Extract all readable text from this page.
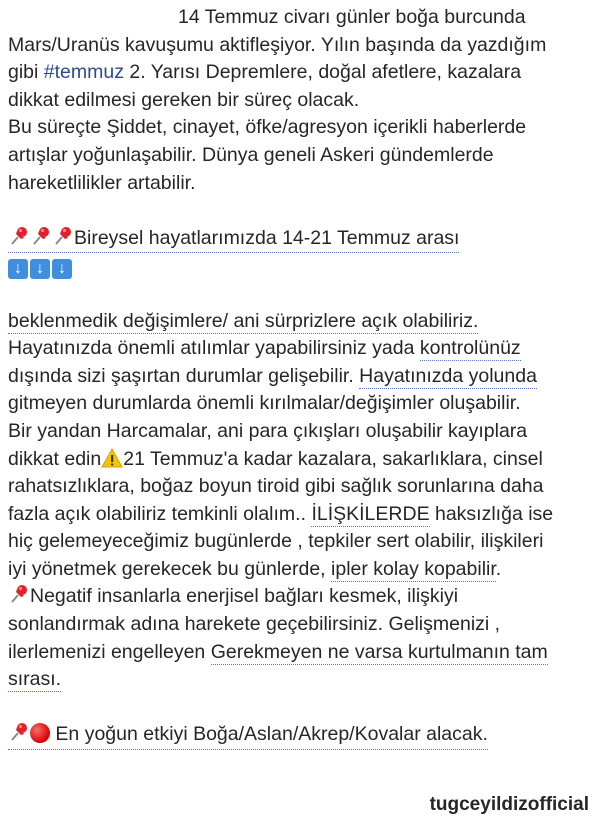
14 Temmuz civarı günler boğa burcunda
Mars/Uranüs kavuşumu aktifleşiyor. Yılın başında da yazdığım
gibi #temmuz 2. Yarısı Depremlere, doğal afetlere, kazalara
dikkat edilmesi gereken bir süreç olacak.
Bu süreçte Şiddet, cinayet, öfke/agresyon içerikli haberlerde
artışlar yoğunlaşabilir. Dünya geneli Askeri gündemlerde
hareketlilikler artabilir.
Bireysel hayatlarımızda 14-21 Temmuz arası
↓ ↓ ↓
beklenmedik değişimlere/ ani sürprizlere açık olabiliriz.
Hayatınızda önemli atılımlar yapabilirsiniz yada kontrolünüz
dışında sizi şaşırtan durumlar gelişebilir. Hayatınızda yolunda
gitmeyen durumlarda önemli kırılmalar/değişimler oluşabilir.
Bir yandan Harcamalar, ani para çıkışları oluşabilir kayıplara
dikkat edin 21 Temmuz'a kadar kazalara, sakarlıklara, cinsel
rahatsızlıklara, boğaz boyun tiroid gibi sağlık sorunlarına daha
fazla açık olabiliriz temkinli olalım.. İLİŞKİLERDE haksızlığa ise
hiç gelemeyeceğimiz bugünlerde , tepkiler sert olabilir, ilişkileri
iyi yönetmek gerekecek bu günlerde, ipler kolay kopabilir.
Negatif insanlarla enerjisel bağları kesmek, ilişkiyi
sonlandırmak adına harekete geçebilirsiniz. Gelişmenizi ,
ilerlemenizi engelleyen Gerekmeyen ne varsa kurtulmanın tam
sırası.
En yoğun etkiyi Boğa/Aslan/Akrep/Kovalar alacak.
tugceyildizofficial
